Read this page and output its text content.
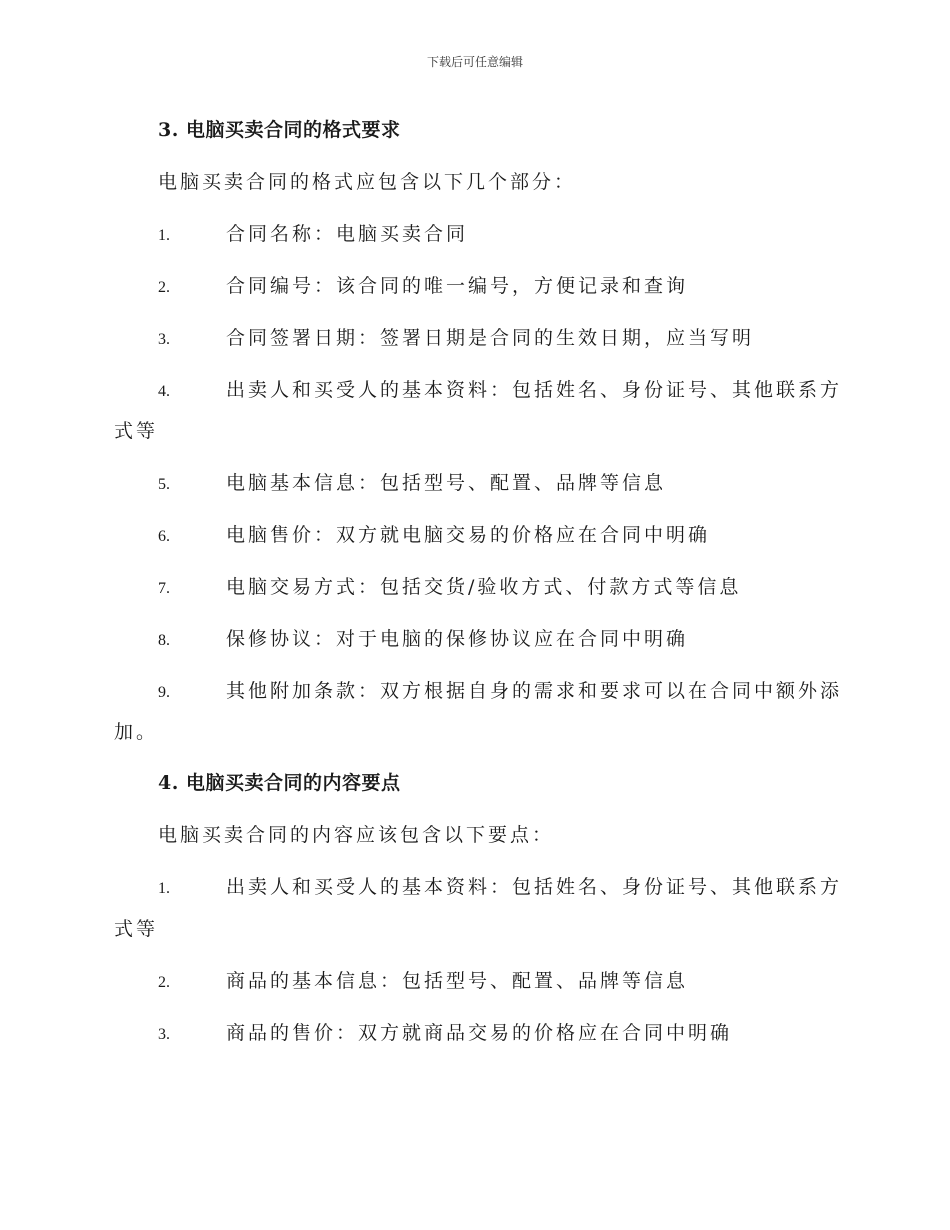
下载后可任意编辑
3. 电脑买卖合同的格式要求
电脑买卖合同的格式应包含以下几个部分：
1.	合同名称：电脑买卖合同
2.	合同编号：该合同的唯一编号，方便记录和查询
3.	合同签署日期：签署日期是合同的生效日期，应当写明
4.	出卖人和买受人的基本资料：包括姓名、身份证号、其他联系方
式等
5.	电脑基本信息：包括型号、配置、品牌等信息
6.	电脑售价：双方就电脑交易的价格应在合同中明确
7.	电脑交易方式：包括交货/验收方式、付款方式等信息
8.	保修协议：对于电脑的保修协议应在合同中明确
9.	其他附加条款：双方根据自身的需求和要求可以在合同中额外添
加。
4. 电脑买卖合同的内容要点
电脑买卖合同的内容应该包含以下要点：
1.	出卖人和买受人的基本资料：包括姓名、身份证号、其他联系方
式等
2.	商品的基本信息：包括型号、配置、品牌等信息
3.	商品的售价：双方就商品交易的价格应在合同中明确
